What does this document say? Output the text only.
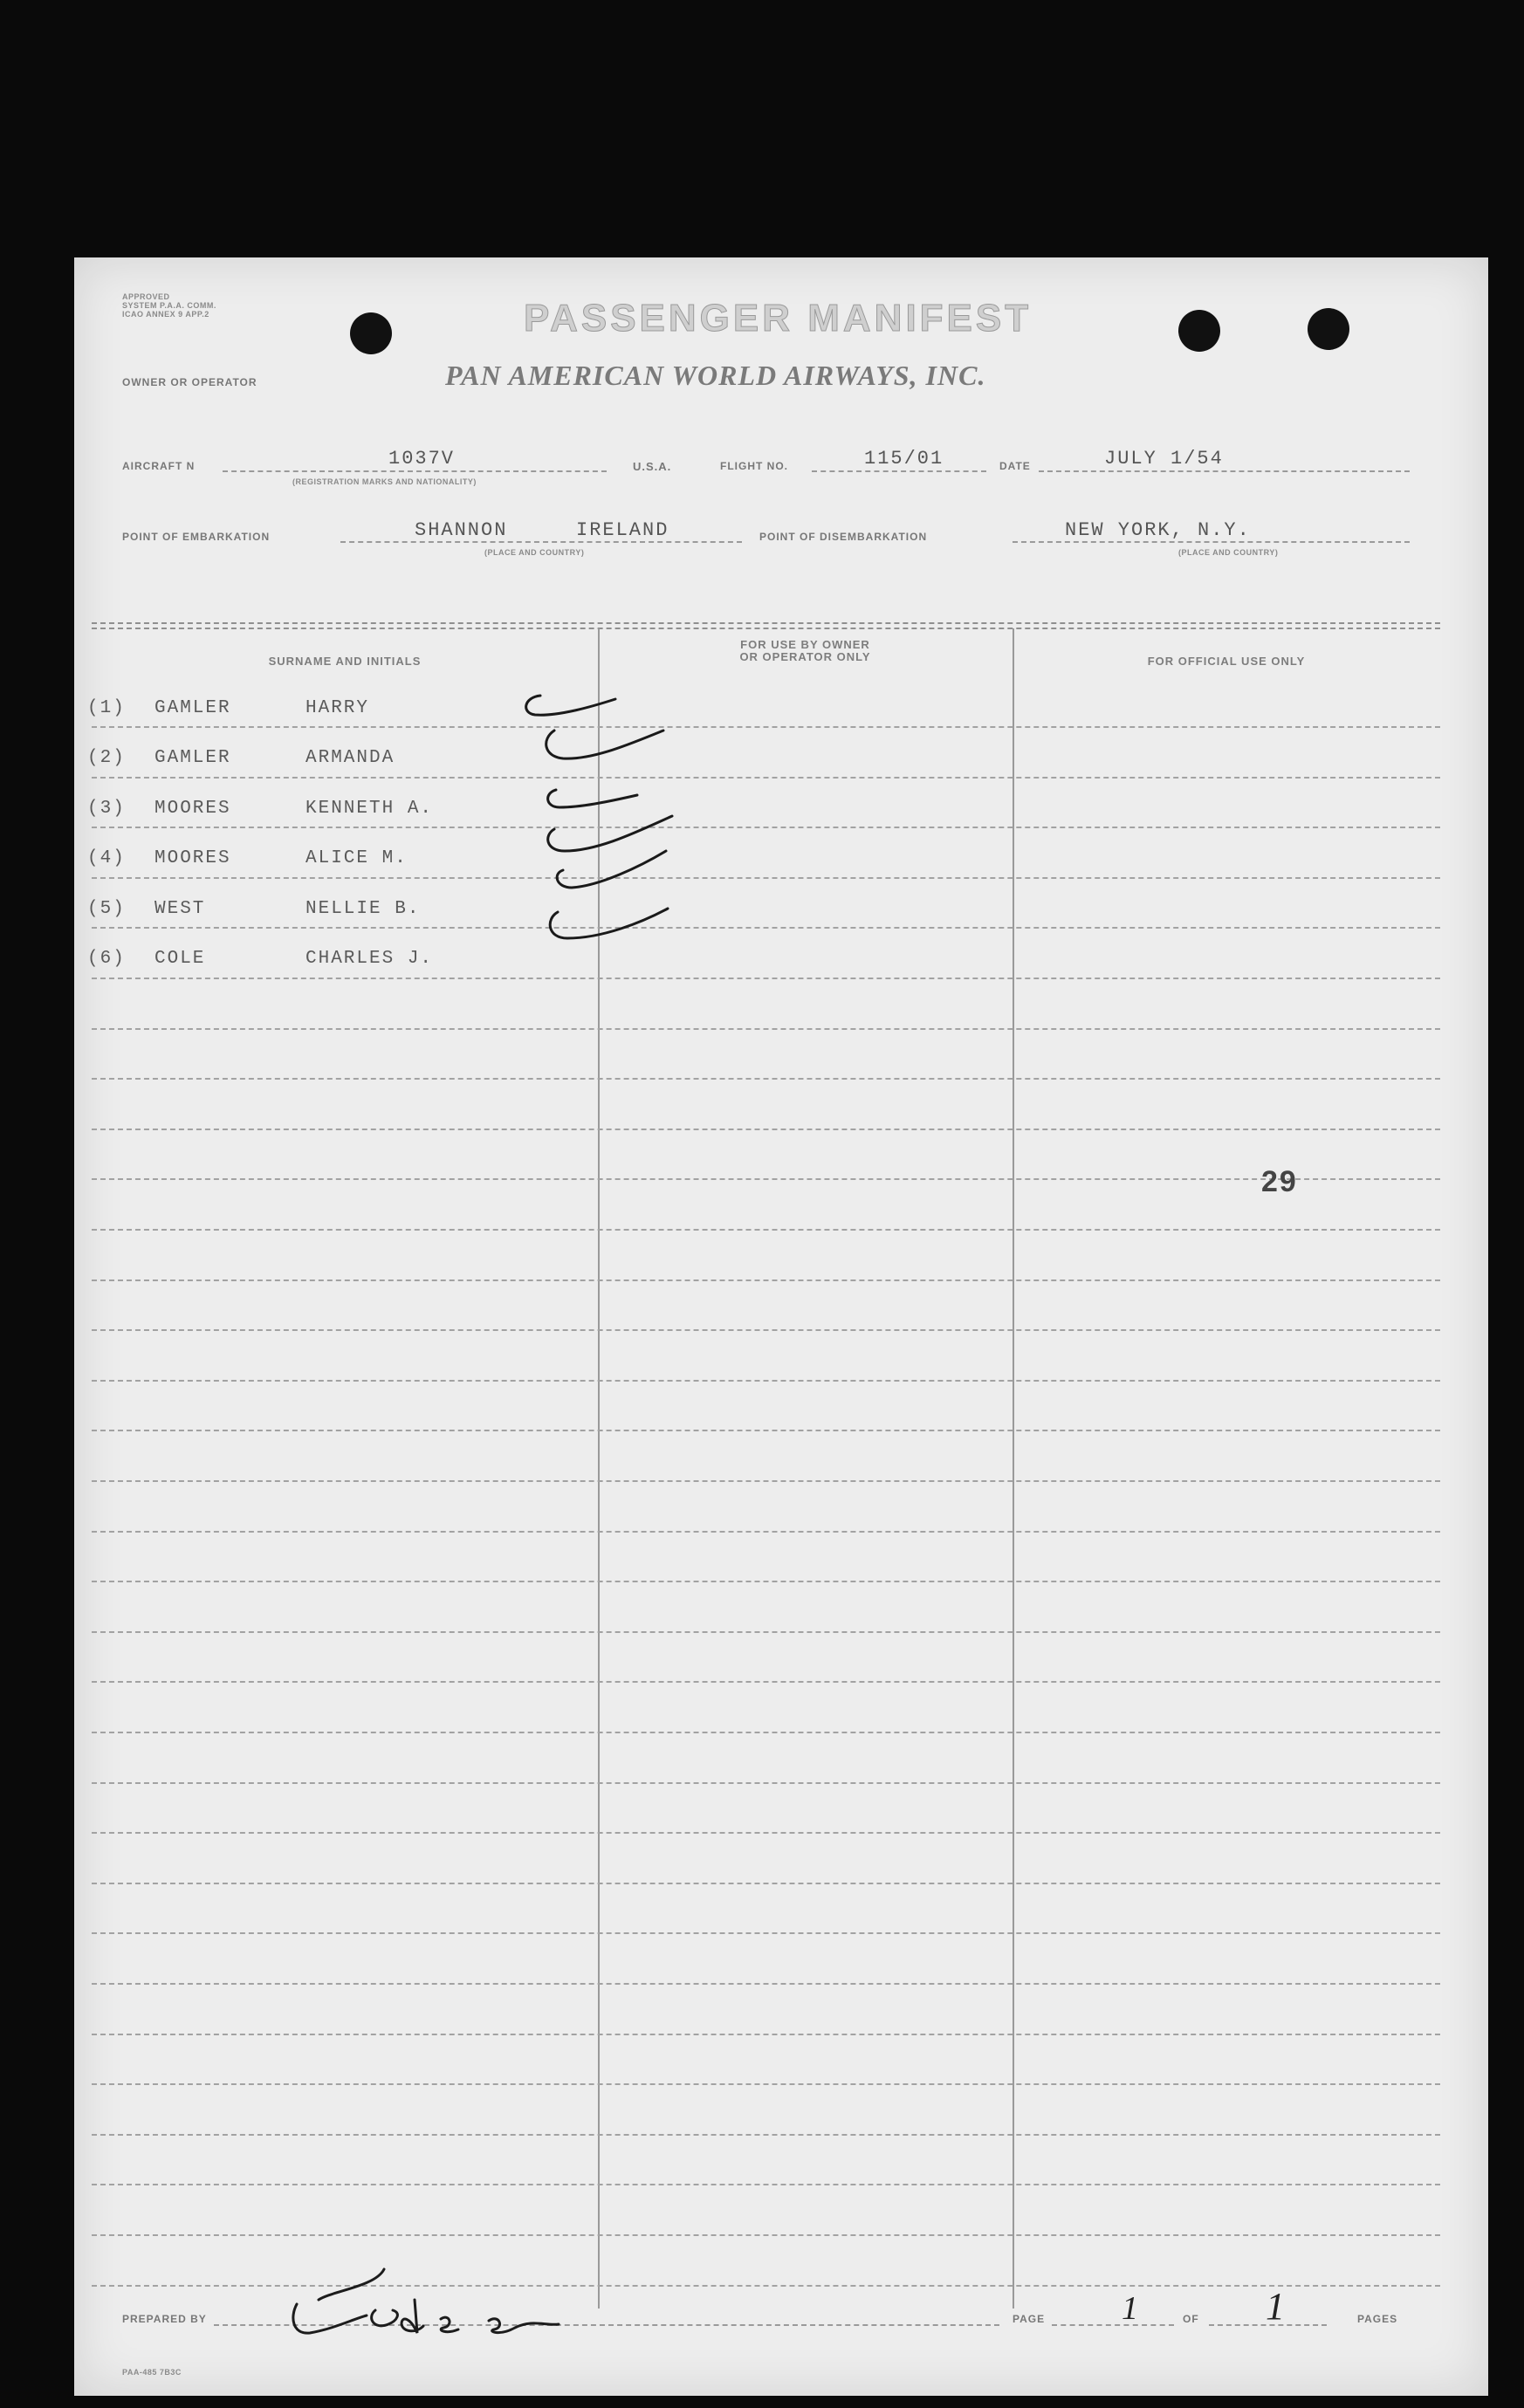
APPROVED
SYSTEM P.A.A. COMM.
ICAO ANNEX 9 APP.2	PASSENGER MANIFEST
OWNER OR OPERATOR	PAN AMERICAN WORLD AIRWAYS, INC.
AIRCRAFT N	1037V
(REGISTRATION MARKS AND NATIONALITY)
U.S.A.	FLIGHT NO.	115/01	DATE	JULY 1/54
POINT OF EMBARKATION	SHANNON	IRELAND
(PLACE AND COUNTRY)
POINT OF DISEMBARKATION	NEW YORK, N.Y.
(PLACE AND COUNTRY)
SURNAME AND INITIALS
FOR USE BY OWNER
OR OPERATOR ONLY	FOR OFFICIAL USE ONLY
(1) GAMLER	HARRY
(2) GAMLER	ARMANDA
(3) MOORES	KENNETH A.
(4) MOORES	ALICE M.
(5) WEST	NELLIE B.
(6) COLE	CHARLES J.
29
PREPARED BY	PAGE 1	OF 1	PAGES
PAA-485 7B3C
